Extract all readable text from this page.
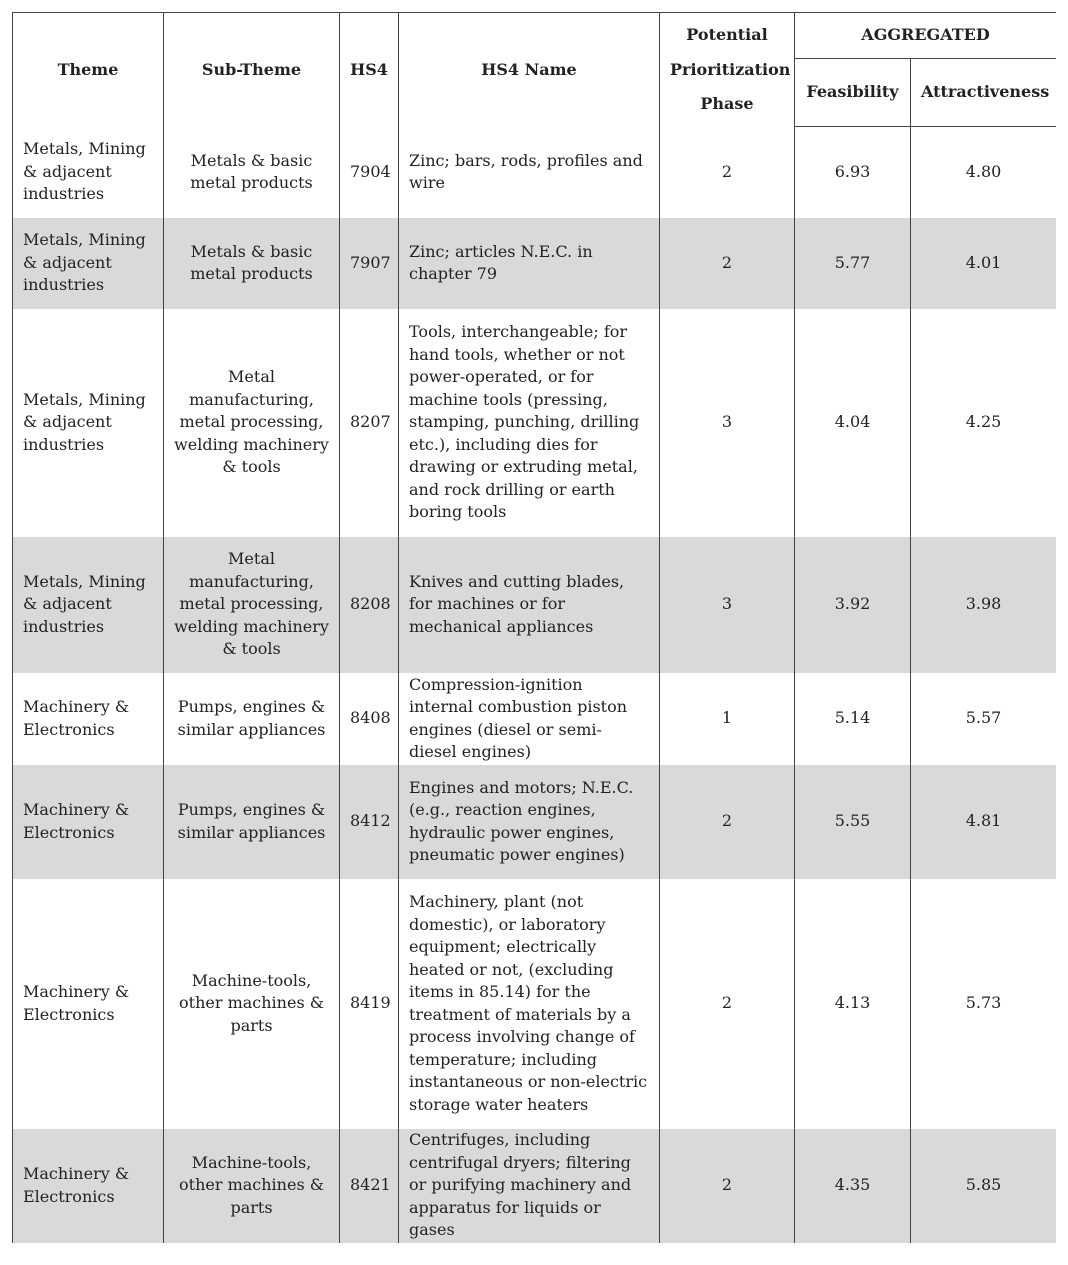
Theme	Sub-Theme	HS4	HS4 Name	Potential
Prioritization
Phase	AGGREGATED	
					Feasibility	Attractiveness
Metals, Mining & adjacent industries	Metals & basic metal products	7904	Zinc; bars, rods, profiles and wire	2	6.93	4.80
Metals, Mining & adjacent industries	Metals & basic metal products	7907	Zinc; articles N.E.C. in chapter 79	2	5.77	4.01
Metals, Mining & adjacent industries	Metal manufacturing, metal processing, welding machinery & tools	8207	Tools, interchangeable; for hand tools, whether or not power-operated, or for machine tools (pressing, stamping, punching, drilling etc.), including dies for drawing or extruding metal, and rock drilling or earth boring tools	3	4.04	4.25
Metals, Mining & adjacent industries	Metal manufacturing, metal processing, welding machinery & tools	8208	Knives and cutting blades, for machines or for mechanical appliances	3	3.92	3.98
Machinery & Electronics	Pumps, engines & similar appliances	8408	Compression-ignition internal combustion piston engines (diesel or semi-diesel engines)	1	5.14	5.57
Machinery & Electronics	Pumps, engines & similar appliances	8412	Engines and motors; N.E.C. (e.g., reaction engines, hydraulic power engines, pneumatic power engines)	2	5.55	4.81
Machinery & Electronics	Machine-tools, other machines & parts	8419	Machinery, plant (not domestic), or laboratory equipment; electrically heated or not, (excluding items in 85.14) for the treatment of materials by a process involving change of temperature; including instantaneous or non-electric storage water heaters	2	4.13	5.73
Machinery & Electronics	Machine-tools, other machines & parts	8421	Centrifuges, including centrifugal dryers; filtering or purifying machinery and apparatus for liquids or gases	2	4.35	5.85
